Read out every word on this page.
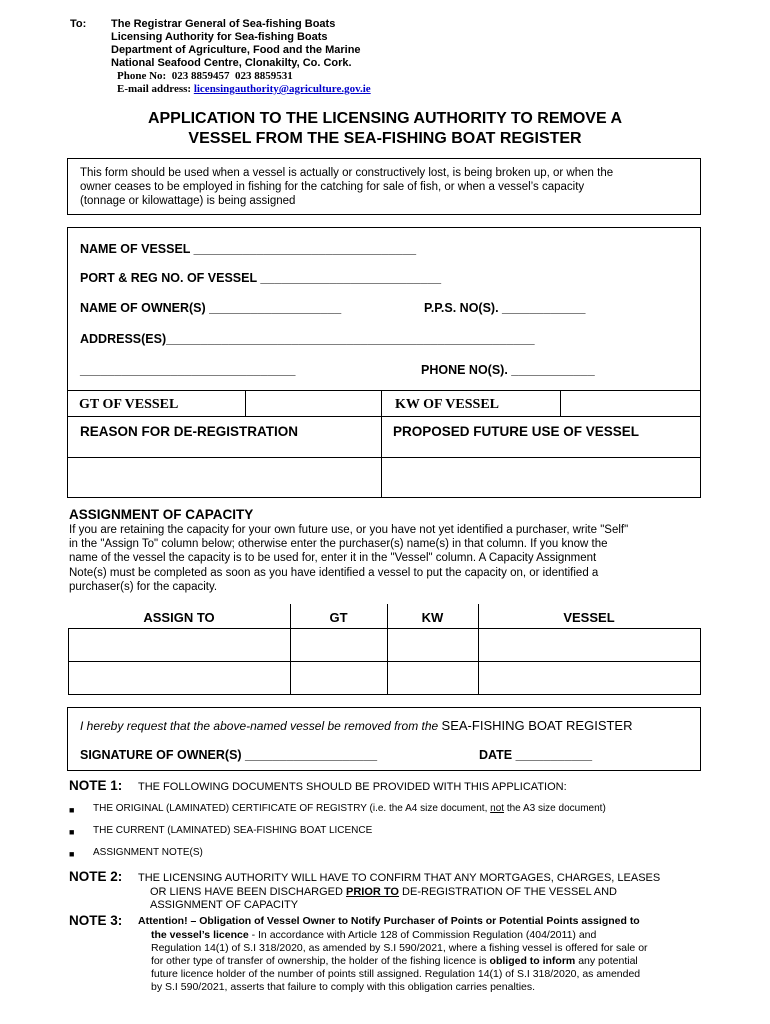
To: The Registrar General of Sea-fishing Boats
Licensing Authority for Sea-fishing Boats
Department of Agriculture, Food and the Marine
National Seafood Centre, Clonakilty, Co. Cork.
Phone No:  023 8859457  023 8859531
E-mail address: licensingauthority@agriculture.gov.ie
APPLICATION TO THE LICENSING AUTHORITY TO REMOVE A
VESSEL FROM THE SEA-FISHING BOAT REGISTER
This form should be used when a vessel is actually or constructively lost, is being broken up, or when the
owner ceases to be employed in fishing for the catching for sale of fish, or when a vessel’s capacity
(tonnage or kilowattage) is being assigned
NAME OF VESSEL ________________________________
PORT & REG NO. OF VESSEL __________________________
NAME OF OWNER(S) ___________________	P.P.S. NO(S). ____________
ADDRESS(ES)_____________________________________________________
_______________________________	PHONE NO(S). ____________
GT OF VESSEL	KW OF VESSEL
REASON FOR DE-REGISTRATION	PROPOSED FUTURE USE OF VESSEL
ASSIGNMENT OF CAPACITY
If you are retaining the capacity for your own future use, or you have not yet identified a purchaser, write "Self"
in the "Assign To" column below; otherwise enter the purchaser(s) name(s) in that column. If you know the
name of the vessel the capacity is to be used for, enter it in the "Vessel" column. A Capacity Assignment
Note(s) must be completed as soon as you have identified a vessel to put the capacity on, or identified a
purchaser(s) for the capacity.
ASSIGN TO	GT	KW	VESSEL
I hereby request that the above-named vessel be removed from the SEA-FISHING BOAT REGISTER
SIGNATURE OF OWNER(S) ___________________	DATE ___________
NOTE 1: THE FOLLOWING DOCUMENTS SHOULD BE PROVIDED WITH THIS APPLICATION:
■ THE ORIGINAL (LAMINATED) CERTIFICATE OF REGISTRY (i.e. the A4 size document, not the A3 size document)
■ THE CURRENT (LAMINATED) SEA-FISHING BOAT LICENCE
■ ASSIGNMENT NOTE(S)
NOTE 2: THE LICENSING AUTHORITY WILL HAVE TO CONFIRM THAT ANY MORTGAGES, CHARGES, LEASES
OR LIENS HAVE BEEN DISCHARGED PRIOR TO DE-REGISTRATION OF THE VESSEL AND
ASSIGNMENT OF CAPACITY
NOTE 3: Attention! – Obligation of Vessel Owner to Notify Purchaser of Points or Potential Points assigned to
the vessel’s licence - In accordance with Article 128 of Commission Regulation (404/2011) and
Regulation 14(1) of S.I 318/2020, as amended by S.I 590/2021, where a fishing vessel is offered for sale or
for other type of transfer of ownership, the holder of the fishing licence is obliged to inform any potential
future licence holder of the number of points still assigned. Regulation 14(1) of S.I 318/2020, as amended
by S.I 590/2021, asserts that failure to comply with this obligation carries penalties.
